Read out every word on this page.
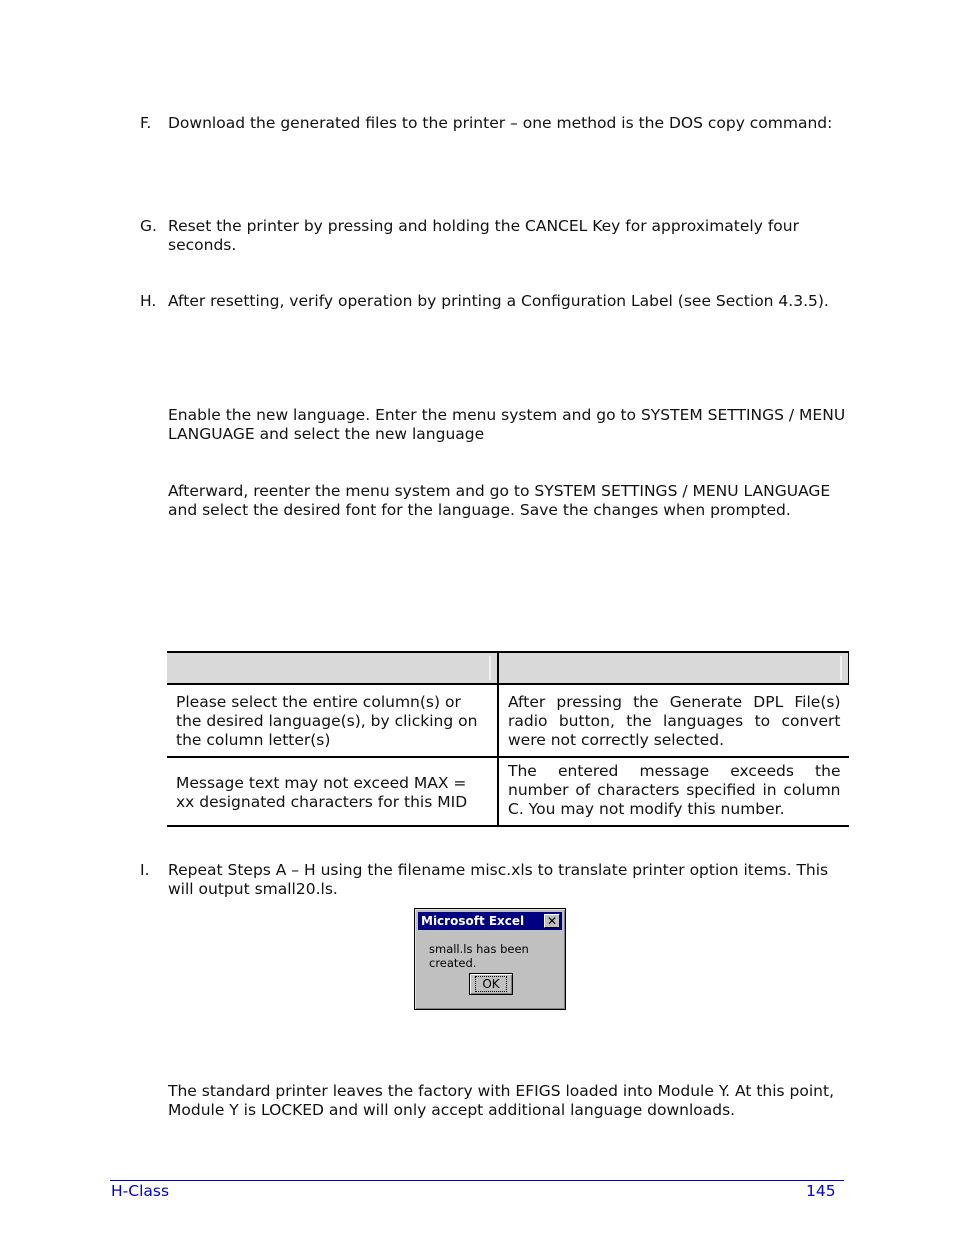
F. Download the generated files to the printer – one method is the DOS copy command:
G. Reset the printer by pressing and holding the CANCEL Key for approximately four seconds.
H. After resetting, verify operation by printing a Configuration Label (see Section 4.3.5).
Enable the new language. Enter the menu system and go to SYSTEM SETTINGS / MENU LANGUAGE and select the new language
Afterward, reenter the menu system and go to SYSTEM SETTINGS / MENU LANGUAGE and select the desired font for the language. Save the changes when prompted.

Please select the entire column(s) or the desired language(s), by clicking on the column letter(s)	After pressing the Generate DPL File(s) radio button, the languages to convert were not correctly selected.
Message text may not exceed MAX = xx designated characters for this MID	The entered message exceeds the number of characters specified in column C. You may not modify this number.
I. Repeat Steps A – H using the filename misc.xls to translate printer option items. This will output small20.ls.
Microsoft Excel ✕
small.ls has been created.
OK
The standard printer leaves the factory with EFIGS loaded into Module Y. At this point, Module Y is LOCKED and will only accept additional language downloads.
H-Class	145
